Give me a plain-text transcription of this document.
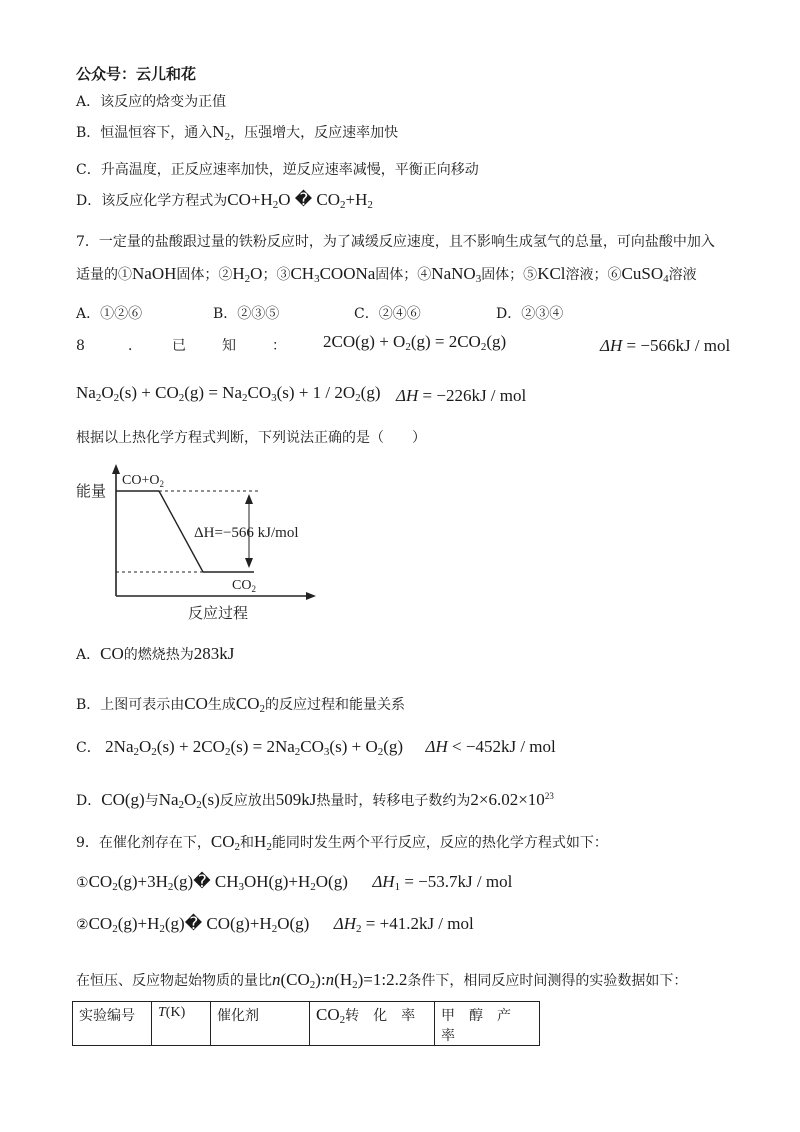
公众号：云儿和花
A．该反应的焓变为正值
B．恒温恒容下，通入$N_2$，压强增大，反应速率加快
C．升高温度，正反应速率加快，逆反应速率减慢，平衡正向移动
D．该反应化学方程式为$CO+H_2O$ � $CO_2+H_2$
7．一定量的盐酸跟过量的铁粉反应时，为了减缓反应速度，且不影响生成氢气的总量，可向盐酸中加入
适量的①NaOH固体；$②H_2O$；$③CH_3COONa$固体；④NaNO$_3$固体；⑤KCl溶液；⑥CuSO$_4$溶液
A．①②⑥	B．②③⑤	C．②④⑥	D．②③④
8	． 已	知	： $2CO(g) + O_2(g) = 2CO_2(g)$	ΔH = −566kJ / mol
$Na_2O_2(s) + CO_2(g) = Na_2CO_3(s) + 1 / 2O_2(g) \Delta H = -226kJ$ / mol
根据以上热化学方程式判断，下列说法正确的是（　　）
能量
$CO+O_2$
ΔH=−566 kJ/mol
$CO_2$
反应过程
A．CO的燃烧热为283kJ
B．上图可表示由CO生成$CO_2$的反应过程和能量关系
C． $2Na_2O_2(s) + 2CO_2(s) = 2Na_2CO_3(s) + O_2(g) \Delta H < -452kJ$ / mol
D．CO(g)与$Na_2O_2(s)$反应放出509kJ热量时，转移电子数约为$2\times 6.02\times 10^{23}$
9．在催化剂存在下，$CO_2$和$H_2$能同时发生两个平行反应，反应的热化学方程式如下：
$①CO_2(g)+3H_2(g)�$ $CH_3OH(g)+H_2O(g) \Delta H_1 = -53.7kJ$ / mol
$②CO_2(g)+H_2(g)�$ $CO(g)+H_2O(g) \Delta H_2 = +41.2kJ$ / mol
在恒压、反应物起始物质的量比$n(CO_2):n(H_2)=1:2.2$条件下，相同反应时间测得的实验数据如下：
实验编号	T(K)	催化剂	$CO_2$转　化　率	甲　醇　产　率
